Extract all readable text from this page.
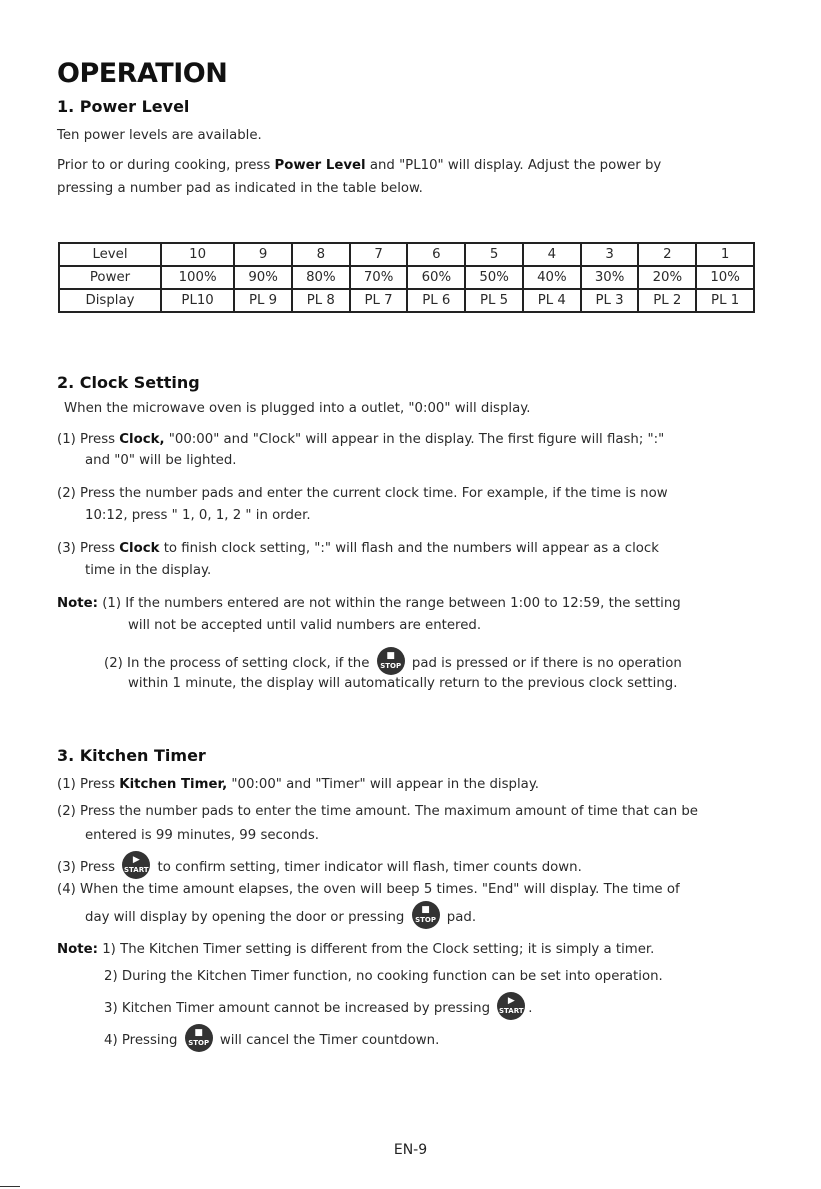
OPERATION
1. Power Level
Ten power levels are available.
Prior to or during cooking, press Power Level and "PL10" will display. Adjust the power by
pressing a number pad as indicated in the table below.
Level	10	9	8	7	6	5	4	3	2	1
Power	100%	90%	80%	70%	60%	50%	40%	30%	20%	10%
Display	PL10	PL 9	PL 8	PL 7	PL 6	PL 5	PL 4	PL 3	PL 2	PL 1
2. Clock Setting
When the microwave oven is plugged into a outlet, "0:00" will display.
(1) Press Clock, "00:00" and "Clock" will appear in the display. The first figure will flash; ":"
and "0" will be lighted.
(2) Press the number pads and enter the current clock time. For example, if the time is now
10:12, press " 1, 0, 1, 2 " in order.
(3) Press Clock to finish clock setting, ":" will flash and the numbers will appear as a clock
time in the display.
Note: (1) If the numbers entered are not within the range between 1:00 to 12:59, the setting
will not be accepted until valid numbers are entered.
(2) In the process of setting clock, if the	■
STOP pad is pressed or if there is no operation
within 1 minute, the display will automatically return to the previous clock setting.
3. Kitchen Timer
(1) Press Kitchen Timer, "00:00" and "Timer" will appear in the display.
(2) Press the number pads to enter the time amount. The maximum amount of time that can be
entered is 99 minutes, 99 seconds.
(3) Press	▶
START to confirm setting, timer indicator will flash, timer counts down.
(4) When the time amount elapses, the oven will beep 5 times. "End" will display. The time of
day will display by opening the door or pressing	■
STOP pad.
Note: 1) The Kitchen Timer setting is different from the Clock setting; it is simply a timer.
2) During the Kitchen Timer function, no cooking function can be set into operation.
3) Kitchen Timer amount cannot be increased by pressing	▶
START .
4) Pressing	■
STOP will cancel the Timer countdown.
EN-9
